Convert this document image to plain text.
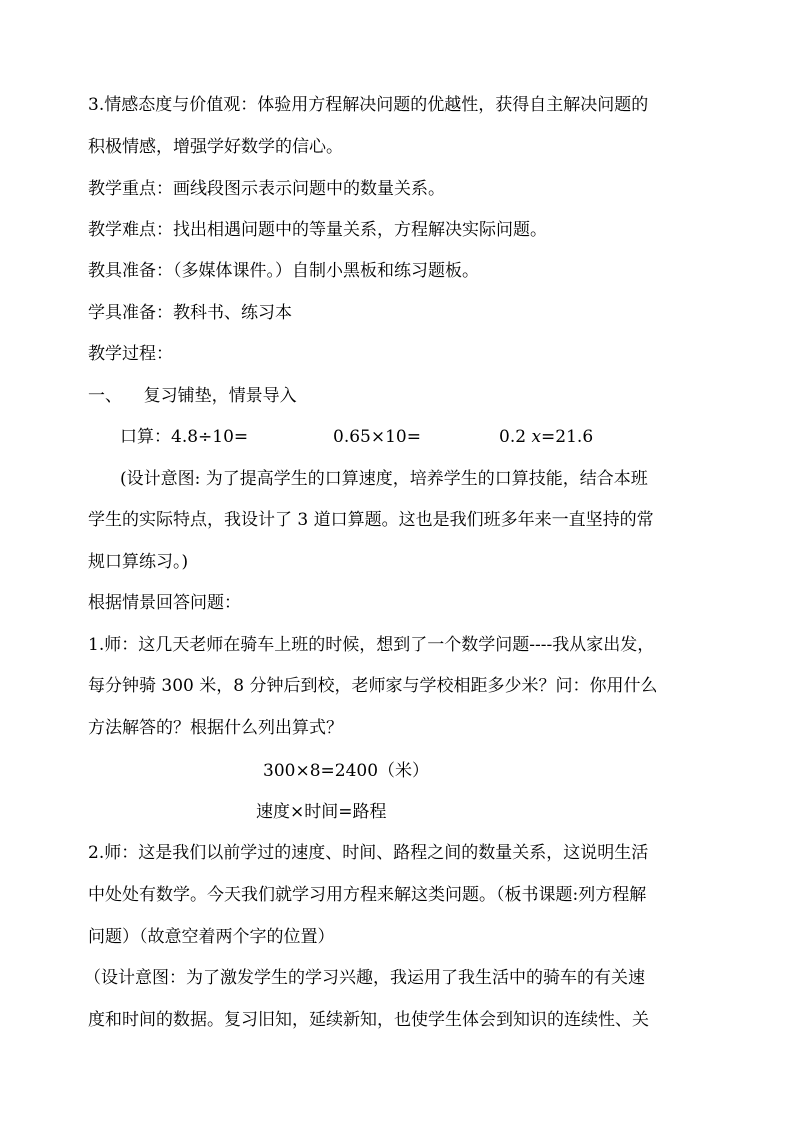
3.情感态度与价值观：体验用方程解决问题的优越性，获得自主解决问题的
积极情感，增强学好数学的信心。
教学重点：画线段图示表示问题中的数量关系。
教学难点：找出相遇问题中的等量关系，方程解决实际问题。
教具准备：（多媒体课件。）自制小黑板和练习题板。
学具准备：教科书、练习本
教学过程：
一、    复习铺垫，情景导入
口算：4.8÷10=	0.65×10=	0.2 x=21.6
(设计意图: 为了提高学生的口算速度，培养学生的口算技能，结合本班
学生的实际特点，我设计了 3 道口算题。这也是我们班多年来一直坚持的常
规口算练习。)
根据情景回答问题：
1.师：这几天老师在骑车上班的时候，想到了一个数学问题----我从家出发，
每分钟骑 300 米，8 分钟后到校，老师家与学校相距多少米？问：你用什么
方法解答的？根据什么列出算式？
300×8=2400（米）
速度×时间=路程
2.师：这是我们以前学过的速度、时间、路程之间的数量关系，这说明生活
中处处有数学。今天我们就学习用方程来解这类问题。（板书课题:列方程解
问题）（故意空着两个字的位置）
（设计意图：为了激发学生的学习兴趣，我运用了我生活中的骑车的有关速
度和时间的数据。复习旧知，延续新知，也使学生体会到知识的连续性、关
